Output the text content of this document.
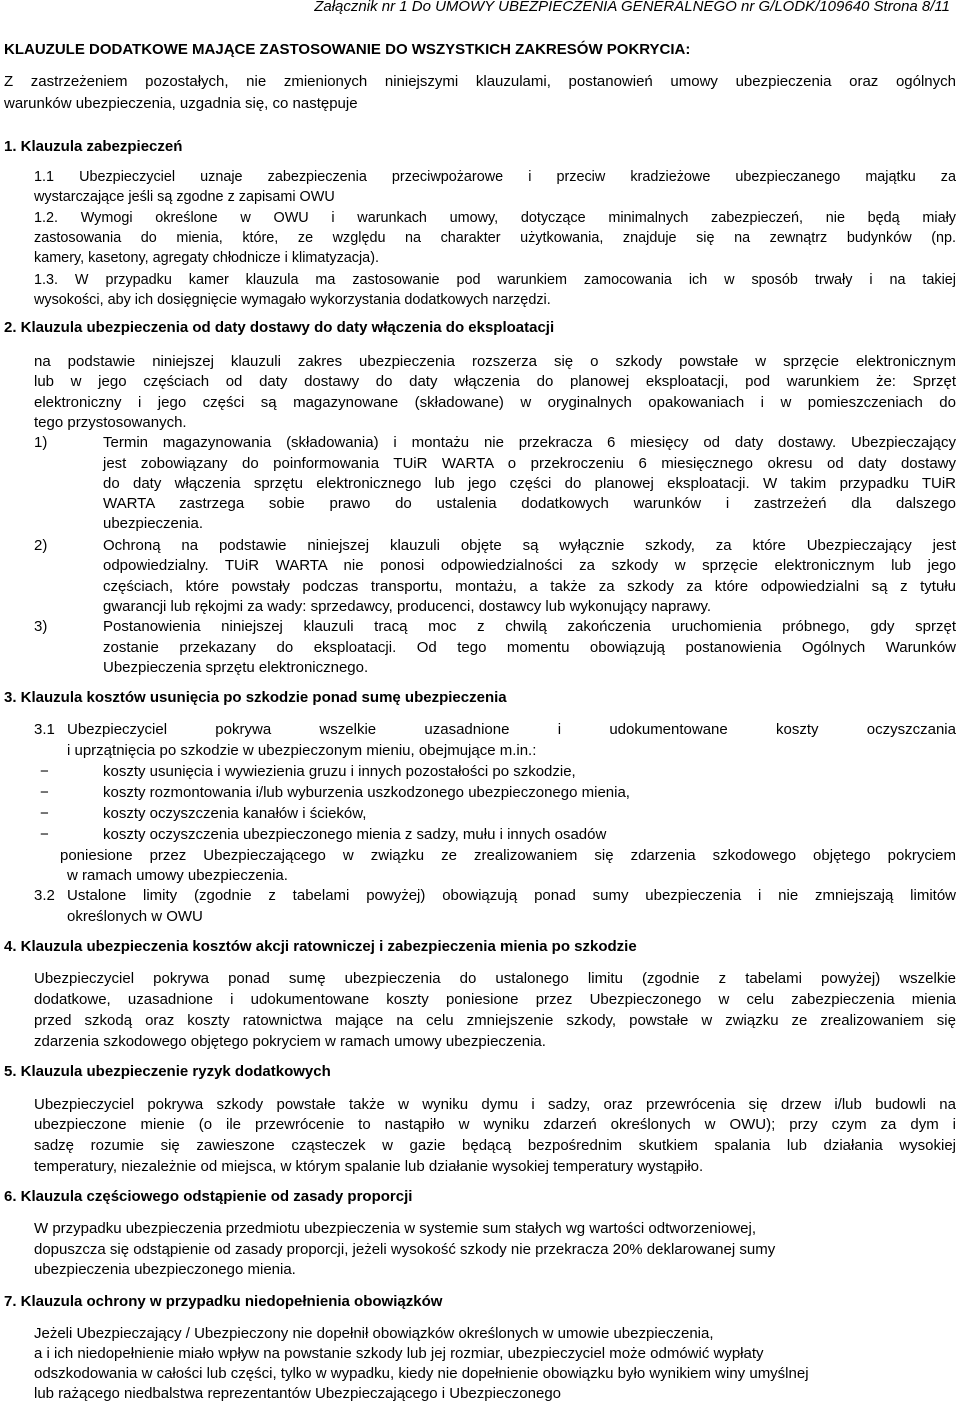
Załącznik nr 1 Do UMOWY UBEZPIECZENIA GENERALNEGO nr G/LODK/109640 Strona 8/11

KLAUZULE DODATKOWE MAJĄCE ZASTOSOWANIE DO WSZYSTKICH ZAKRESÓW POKRYCIA:

Z zastrzeżeniem pozostałych, nie zmienionych niniejszymi klauzulami, postanowień umowy ubezpieczenia oraz ogólnych

warunków ubezpieczenia, uzgadnia się, co następuje

1. Klauzula zabezpieczeń

1.1 Ubezpieczyciel uznaje zabezpieczenia przeciwpożarowe i przeciw kradzieżowe ubezpieczanego majątku za

wystarczające jeśli są zgodne z zapisami OWU

1.2. Wymogi określone w OWU i warunkach umowy, dotyczące minimalnych zabezpieczeń, nie będą miały

zastosowania do mienia, które, ze względu na charakter użytkowania, znajduje się na zewnątrz budynków (np.

kamery, kasetony, agregaty chłodnicze i klimatyzacja).

1.3. W przypadku kamer klauzula ma zastosowanie pod warunkiem zamocowania ich w sposób trwały i na takiej

wysokości, aby ich dosięgnięcie wymagało wykorzystania dodatkowych narzędzi.

2. Klauzula ubezpieczenia od daty dostawy do daty włączenia do eksploatacji

na podstawie niniejszej klauzuli zakres ubezpieczenia rozszerza się o szkody powstałe w sprzęcie elektronicznym

lub w jego częściach od daty dostawy do daty włączenia do planowej eksploatacji, pod warunkiem że: Sprzęt

elektroniczny i jego części są magazynowane (składowane) w oryginalnych opakowaniach i w pomieszczeniach do

tego przystosowanych.

1)	Termin magazynowania (składowania) i montażu nie przekracza 6 miesięcy od daty dostawy. Ubezpieczający

jest zobowiązany do poinformowania TUiR WARTA o przekroczeniu 6 miesięcznego okresu od daty dostawy

do daty włączenia sprzętu elektronicznego lub jego części do planowej eksploatacji. W takim przypadku TUiR

WARTA zastrzega sobie prawo do ustalenia dodatkowych warunków i zastrzeżeń dla dalszego

ubezpieczenia.

2)	Ochroną na podstawie niniejszej klauzuli objęte są wyłącznie szkody, za które Ubezpieczający jest

odpowiedzialny. TUiR WARTA nie ponosi odpowiedzialności za szkody w sprzęcie elektronicznym lub jego

częściach, które powstały podczas transportu, montażu, a także za szkody za które odpowiedzialni są z tytułu

gwarancji lub rękojmi za wady: sprzedawcy, producenci, dostawcy lub wykonujący naprawy.

3)	Postanowienia niniejszej klauzuli tracą moc z chwilą zakończenia uruchomienia próbnego, gdy sprzęt

zostanie przekazany do eksploatacji. Od tego momentu obowiązują postanowienia Ogólnych Warunków

Ubezpieczenia sprzętu elektronicznego.

3. Klauzula kosztów usunięcia po szkodzie ponad sumę ubezpieczenia

3.1 Ubezpieczyciel pokrywa wszelkie uzasadnione i udokumentowane koszty oczyszczania

i uprzątnięcia po szkodzie w ubezpieczonym mieniu, obejmujące m.in.:

−	koszty usunięcia i wywiezienia gruzu i innych pozostałości po szkodzie,

−	koszty rozmontowania i/lub wyburzenia uszkodzonego ubezpieczonego mienia,

−	koszty oczyszczenia kanałów i ścieków,

−	koszty oczyszczenia ubezpieczonego mienia z sadzy, mułu i innych osadów

poniesione przez Ubezpieczającego w związku ze zrealizowaniem się zdarzenia szkodowego objętego pokryciem

w ramach umowy ubezpieczenia.

3.2 Ustalone limity (zgodnie z tabelami powyżej) obowiązują ponad sumy ubezpieczenia i nie zmniejszają limitów

określonych w OWU

4. Klauzula ubezpieczenia kosztów akcji ratowniczej i zabezpieczenia mienia po szkodzie

Ubezpieczyciel pokrywa ponad sumę ubezpieczenia do ustalonego limitu (zgodnie z tabelami powyżej) wszelkie

dodatkowe, uzasadnione i udokumentowane koszty poniesione przez Ubezpieczonego w celu zabezpieczenia mienia

przed szkodą oraz koszty ratownictwa mające na celu zmniejszenie szkody, powstałe w związku ze zrealizowaniem się

zdarzenia szkodowego objętego pokryciem w ramach umowy ubezpieczenia.

5. Klauzula ubezpieczenie ryzyk dodatkowych

Ubezpieczyciel pokrywa szkody powstałe także w wyniku dymu i sadzy, oraz przewrócenia się drzew i/lub budowli na

ubezpieczone mienie (o ile przewrócenie to nastąpiło w wyniku zdarzeń określonych w OWU); przy czym za dym i

sadzę rozumie się zawieszone cząsteczek w gazie będącą bezpośrednim skutkiem spalania lub działania wysokiej

temperatury, niezależnie od miejsca, w którym spalanie lub działanie wysokiej temperatury wystąpiło.

6. Klauzula częściowego odstąpienie od zasady proporcji

W przypadku ubezpieczenia przedmiotu ubezpieczenia w systemie sum stałych wg wartości odtworzeniowej,

dopuszcza się odstąpienie od zasady proporcji, jeżeli wysokość szkody nie przekracza 20% deklarowanej sumy

ubezpieczenia ubezpieczonego mienia.

7. Klauzula ochrony w przypadku niedopełnienia obowiązków

Jeżeli Ubezpieczający / Ubezpieczony nie dopełnił obowiązków określonych w umowie ubezpieczenia,

a i ich niedopełnienie miało wpływ na powstanie szkody lub jej rozmiar, ubezpieczyciel może odmówić wypłaty

odszkodowania w całości lub części, tylko w wypadku, kiedy nie dopełnienie obowiązku było wynikiem winy umyślnej

lub rażącego niedbalstwa reprezentantów Ubezpieczającego i Ubezpieczonego
